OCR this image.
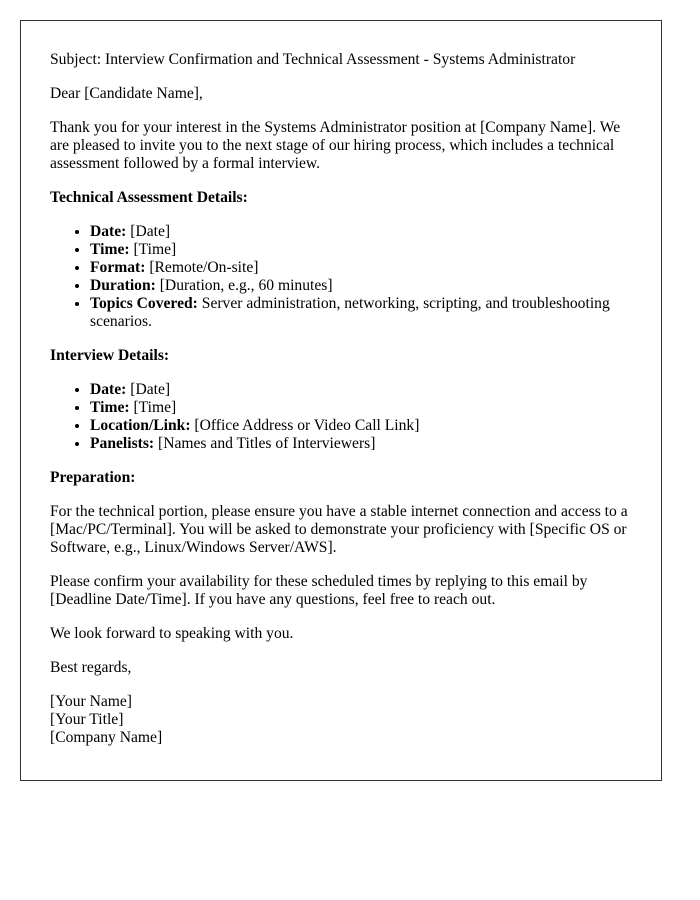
Subject: Interview Confirmation and Technical Assessment - Systems Administrator

Dear [Candidate Name],

Thank you for your interest in the Systems Administrator position at [Company Name]. We are pleased to invite you to the next stage of our hiring process, which includes a technical assessment followed by a formal interview.

Technical Assessment Details:
• Date: [Date]
• Time: [Time]
• Format: [Remote/On-site]
• Duration: [Duration, e.g., 60 minutes]
• Topics Covered: Server administration, networking, scripting, and troubleshooting scenarios.
Interview Details:
• Date: [Date]
• Time: [Time]
• Location/Link: [Office Address or Video Call Link]
• Panelists: [Names and Titles of Interviewers]
Preparation:

For the technical portion, please ensure you have a stable internet connection and access to a [Mac/PC/Terminal]. You will be asked to demonstrate your proficiency with [Specific OS or Software, e.g., Linux/Windows Server/AWS].

Please confirm your availability for these scheduled times by replying to this email by [Deadline Date/Time]. If you have any questions, feel free to reach out.

We look forward to speaking with you.

Best regards,

[Your Name]
[Your Title]
[Company Name]
